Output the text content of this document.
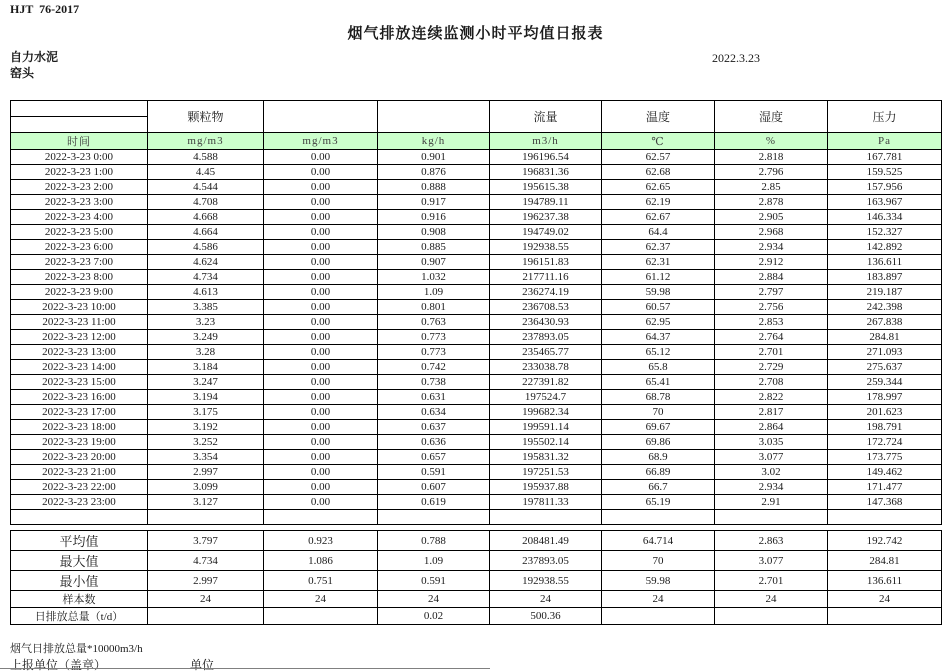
HJT  76-2017
烟气排放连续监测小时平均值日报表
自力水泥
窑头
2022.3.23
	颗粒物			流量	温度	湿度	压力

时间	mg/m3	mg/m3	kg/h	m3/h	℃	%	Pa
2022-3-23 0:00	4.588	0.00	0.901	196196.54	62.57	2.818	167.781
2022-3-23 1:00	4.45	0.00	0.876	196831.36	62.68	2.796	159.525
2022-3-23 2:00	4.544	0.00	0.888	195615.38	62.65	2.85	157.956
2022-3-23 3:00	4.708	0.00	0.917	194789.11	62.19	2.878	163.967
2022-3-23 4:00	4.668	0.00	0.916	196237.38	62.67	2.905	146.334
2022-3-23 5:00	4.664	0.00	0.908	194749.02	64.4	2.968	152.327
2022-3-23 6:00	4.586	0.00	0.885	192938.55	62.37	2.934	142.892
2022-3-23 7:00	4.624	0.00	0.907	196151.83	62.31	2.912	136.611
2022-3-23 8:00	4.734	0.00	1.032	217711.16	61.12	2.884	183.897
2022-3-23 9:00	4.613	0.00	1.09	236274.19	59.98	2.797	219.187
2022-3-23 10:00	3.385	0.00	0.801	236708.53	60.57	2.756	242.398
2022-3-23 11:00	3.23	0.00	0.763	236430.93	62.95	2.853	267.838
2022-3-23 12:00	3.249	0.00	0.773	237893.05	64.37	2.764	284.81
2022-3-23 13:00	3.28	0.00	0.773	235465.77	65.12	2.701	271.093
2022-3-23 14:00	3.184	0.00	0.742	233038.78	65.8	2.729	275.637
2022-3-23 15:00	3.247	0.00	0.738	227391.82	65.41	2.708	259.344
2022-3-23 16:00	3.194	0.00	0.631	197524.7	68.78	2.822	178.997
2022-3-23 17:00	3.175	0.00	0.634	199682.34	70	2.817	201.623
2022-3-23 18:00	3.192	0.00	0.637	199591.14	69.67	2.864	198.791
2022-3-23 19:00	3.252	0.00	0.636	195502.14	69.86	3.035	172.724
2022-3-23 20:00	3.354	0.00	0.657	195831.32	68.9	3.077	173.775
2022-3-23 21:00	2.997	0.00	0.591	197251.53	66.89	3.02	149.462
2022-3-23 22:00	3.099	0.00	0.607	195937.88	66.7	2.934	171.477
2022-3-23 23:00	3.127	0.00	0.619	197811.33	65.19	2.91	147.368

平均值	3.797	0.923	0.788	208481.49	64.714	2.863	192.742
最大值	4.734	1.086	1.09	237893.05	70	3.077	284.81
最小值	2.997	0.751	0.591	192938.55	59.98	2.701	136.611
样本数	24	24	24	24	24	24	24
日排放总量（t/d）			0.02	500.36			
烟气日排放总量*10000m3/h
上报单位（盖章）	单位
